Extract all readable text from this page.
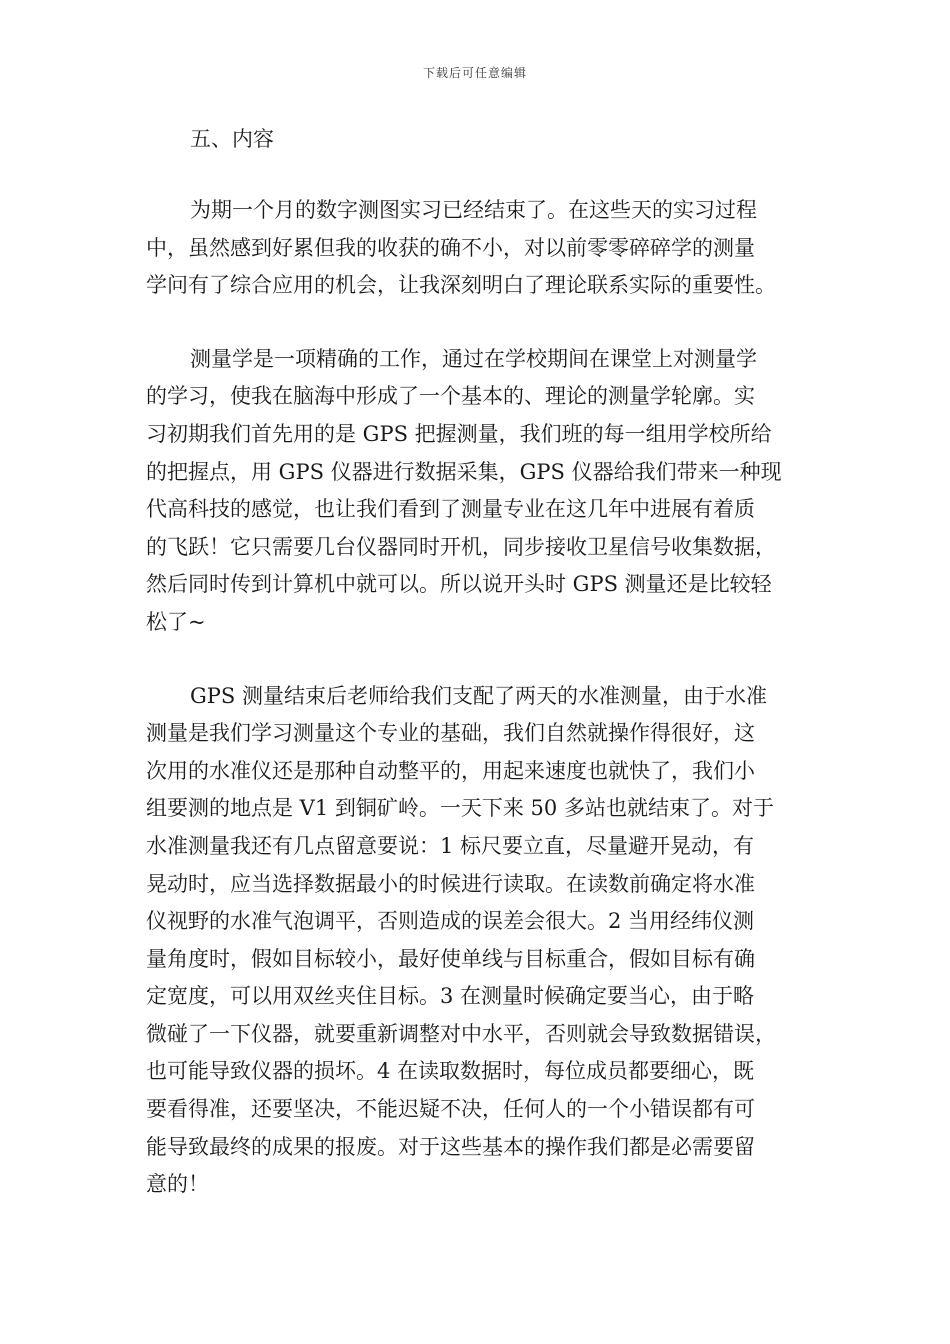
下载后可任意编辑
五、内容
为期一个月的数字测图实习已经结束了。在这些天的实习过程
中，虽然感到好累但我的收获的确不小，对以前零零碎碎学的测量
学问有了综合应用的机会，让我深刻明白了理论联系实际的重要性。
测量学是一项精确的工作，通过在学校期间在课堂上对测量学
的学习，使我在脑海中形成了一个基本的、理论的测量学轮廓。实
习初期我们首先用的是 GPS 把握测量，我们班的每一组用学校所给
的把握点，用 GPS 仪器进行数据采集，GPS 仪器给我们带来一种现
代高科技的感觉，也让我们看到了测量专业在这几年中进展有着质
的飞跃！它只需要几台仪器同时开机，同步接收卫星信号收集数据，
然后同时传到计算机中就可以。所以说开头时 GPS 测量还是比较轻
松了~
GPS 测量结束后老师给我们支配了两天的水准测量，由于水准
测量是我们学习测量这个专业的基础，我们自然就操作得很好，这
次用的水准仪还是那种自动整平的，用起来速度也就快了，我们小
组要测的地点是 V1 到铜矿岭。一天下来 50 多站也就结束了。对于
水准测量我还有几点留意要说：1 标尺要立直，尽量避开晃动，有
晃动时，应当选择数据最小的时候进行读取。在读数前确定将水准
仪视野的水准气泡调平，否则造成的误差会很大。2 当用经纬仪测
量角度时，假如目标较小，最好使单线与目标重合，假如目标有确
定宽度，可以用双丝夹住目标。3 在测量时候确定要当心，由于略
微碰了一下仪器，就要重新调整对中水平，否则就会导致数据错误，
也可能导致仪器的损坏。4 在读取数据时，每位成员都要细心，既
要看得准，还要坚决，不能迟疑不决，任何人的一个小错误都有可
能导致最终的成果的报废。对于这些基本的操作我们都是必需要留
意的！
